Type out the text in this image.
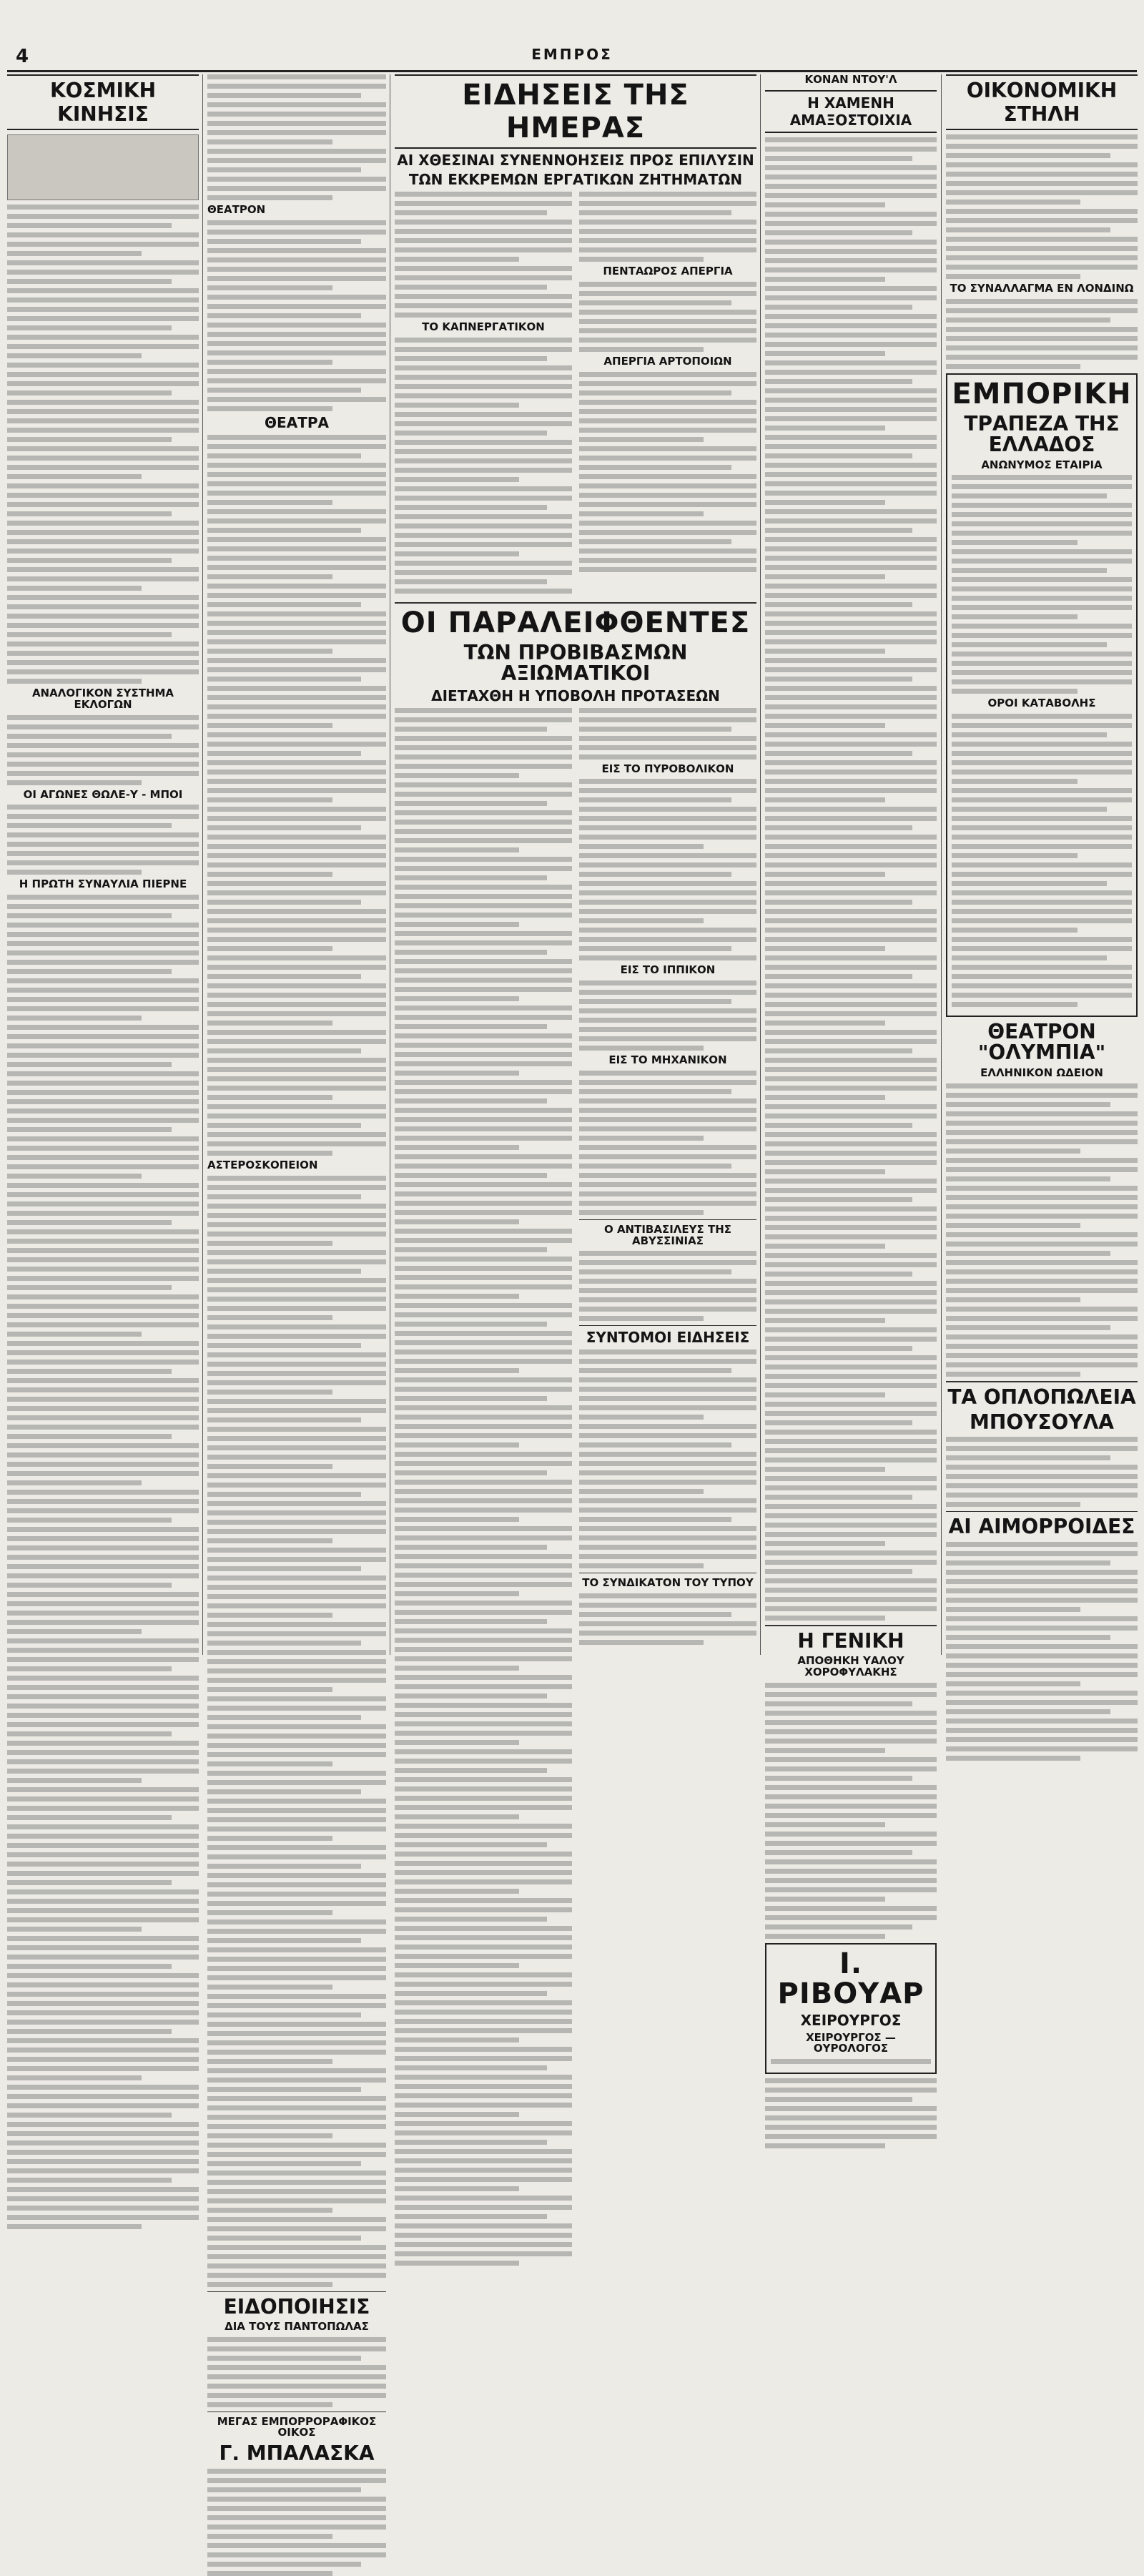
4	ΕΜΠΡΟΣ
ΚΟΣΜΙΚΗ ΚΙΝΗΣΙΣ
ΑΝΑΛΟΓΙΚΟΝ ΣΥΣΤΗΜΑ ΕΚΛΟΓΩΝ
ΟΙ ΑΓΩΝΕΣ ΘΩΛΕ-Υ - ΜΠΟΙ
Η ΠΡΩΤΗ ΣΥΝΑΥΛΙΑ ΠΙΕΡΝΕ
ΘΕΑΤΡΟΝ
ΘΕΑΤΡΑ
ΑΣΤΕΡΟΣΚΟΠΕΙΟΝ
ΕΙΔΟΠΟΙΗΣΙΣ
ΔΙΑ ΤΟΥΣ ΠΑΝΤΟΠΩΛΑΣ
ΜΕΓΑΣ ΕΜΠΟΡΡΟΡΑΦΙΚΟΣ ΟΙΚΟΣ
Γ. ΜΠΑΛΑΣΚΑ
ΕΙΔΗΣΕΙΣ ΤΗΣ ΗΜΕΡΑΣ
ΑΙ ΧΘΕΣΙΝΑΙ ΣΥΝΕΝΝΟΗΣΕΙΣ ΠΡΟΣ ΕΠΙΛΥΣΙΝ
ΤΩΝ ΕΚΚΡΕΜΩΝ ΕΡΓΑΤΙΚΩΝ ΖΗΤΗΜΑΤΩΝ
ΤΟ ΚΑΠΝΕΡΓΑΤΙΚΟΝ
ΠΕΝΤΑΩΡΟΣ ΑΠΕΡΓΙΑ
ΑΠΕΡΓΙΑ ΑΡΤΟΠΟΙΩΝ
ΟΙ ΠΑΡΑΛΕΙΦΘΕΝΤΕΣ
ΤΩΝ ΠΡΟΒΙΒΑΣΜΩΝ ΑΞΙΩΜΑΤΙΚΟΙ
ΔΙΕΤΑΧΘΗ Η ΥΠΟΒΟΛΗ ΠΡΟΤΑΣΕΩΝ
ΕΙΣ ΤΟ ΠΥΡΟΒΟΛΙΚΟΝ
ΕΙΣ ΤΟ ΙΠΠΙΚΟΝ
ΕΙΣ ΤΟ ΜΗΧΑΝΙΚΟΝ
Ο ΑΝΤΙΒΑΣΙΛΕΥΣ ΤΗΣ ΑΒΥΣΣΙΝΙΑΣ
ΣΥΝΤΟΜΟΙ ΕΙΔΗΣΕΙΣ
ΤΟ ΣΥΝΔΙΚΑΤΟΝ ΤΟΥ ΤΥΠΟΥ
ΚΟΝΑΝ ΝΤΟΥ'Λ
Η ΧΑΜΕΝΗ ΑΜΑΞΟΣΤΟΙΧΙΑ
Η ΓΕΝΙΚΗ
ΑΠΟΘΗΚΗ ΥΑΛΟΥ ΧΟΡΟΦΥΛΑΚΗΣ
Ι. ΡΙΒΟΥΑΡ
ΧΕΙΡΟΥΡΓΟΣ
ΧΕΙΡΟΥΡΓΟΣ — ΟΥΡΟΛΟΓΟΣ
ΟΙΚΟΝΟΜΙΚΗ ΣΤΗΛΗ
ΤΟ ΣΥΝΑΛΛΑΓΜΑ ΕΝ ΛΟΝΔΙΝΩ
ΕΜΠΟΡΙΚΗ
ΤΡΑΠΕΖΑ ΤΗΣ ΕΛΛΑΔΟΣ
ΑΝΩΝΥΜΟΣ ΕΤΑΙΡΙΑ
ΟΡΟΙ ΚΑΤΑΒΟΛΗΣ
ΘΕΑΤΡΟΝ "ΟΛΥΜΠΙΑ"
ΕΛΛΗΝΙΚΟΝ ΩΔΕΙΟΝ
ΤΑ ΟΠΛΟΠΩΛΕΙΑ
ΜΠΟΥΣΟΥΛΑ
ΑΙ ΑΙΜΟΡΡΟΙΔΕΣ
